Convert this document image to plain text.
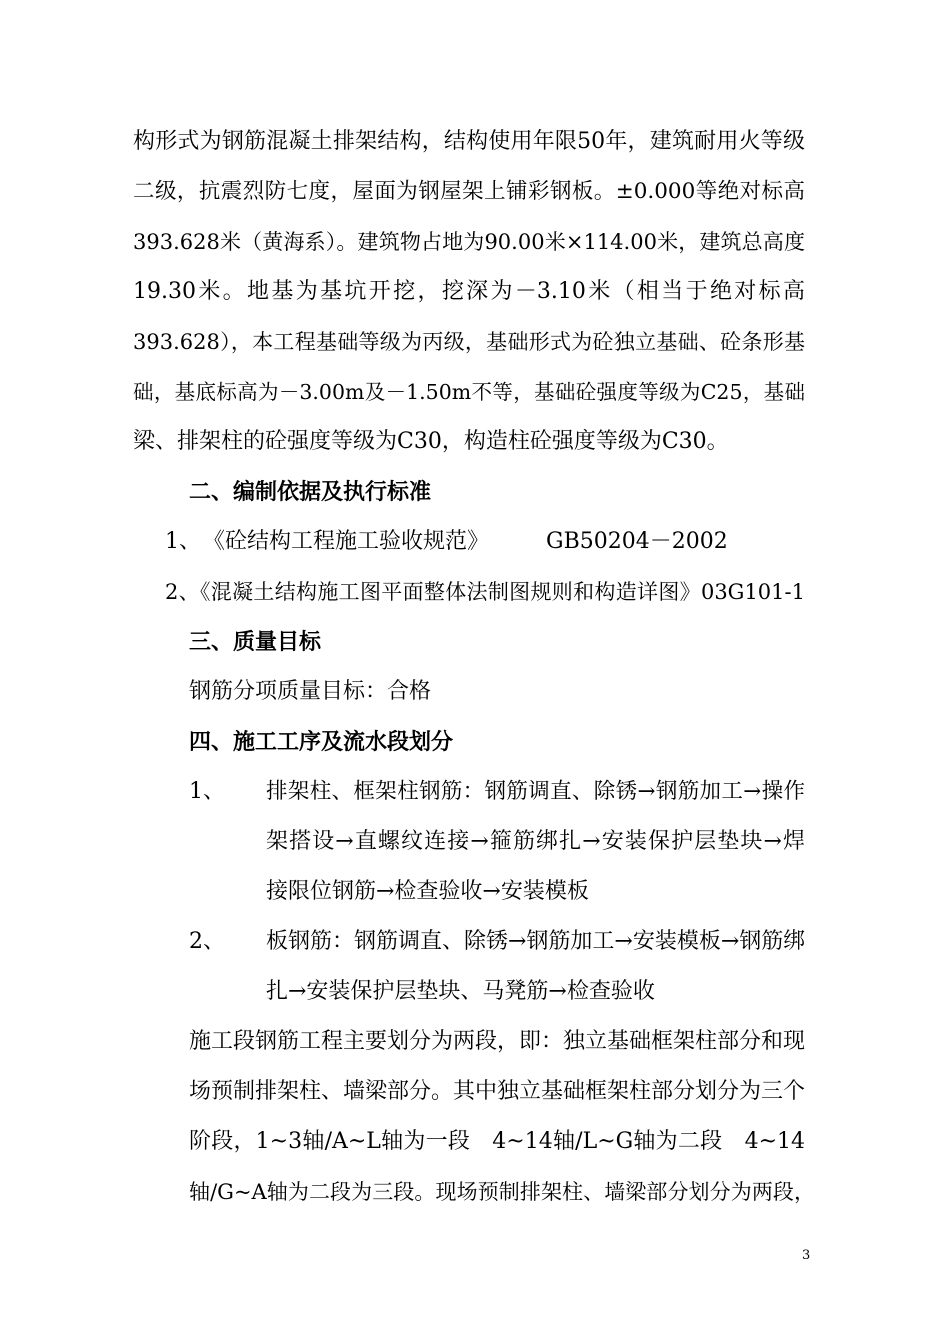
构形式为钢筋混凝土排架结构，结构使用年限50年，建筑耐用火等级
二级，抗震烈防七度，屋面为钢屋架上铺彩钢板。±0.000等绝对标高
393.628米（黄海系）。建筑物占地为90.00米×114.00米，建筑总高度
19.30米。地基为基坑开挖，挖深为－3.10米（相当于绝对标高
393.628），本工程基础等级为丙级，基础形式为砼独立基础、砼条形基
础，基底标高为－3.00m及－1.50m不等，基础砼强度等级为C25，基础
梁、排架柱的砼强度等级为C30，构造柱砼强度等级为C30。
二、编制依据及执行标准
1、 《砼结构工程施工验收规范》	GB50204－2002
2、《混凝土结构施工图平面整体法制图规则和构造详图》03G101-1
三、质量目标
钢筋分项质量目标：合格
四、施工工序及流水段划分
1、 排架柱、框架柱钢筋：钢筋调直、除锈→钢筋加工→操作
架搭设→直螺纹连接→箍筋绑扎→安装保护层垫块→焊
接限位钢筋→检查验收→安装模板
2、 板钢筋：钢筋调直、除锈→钢筋加工→安装模板→钢筋绑
扎→安装保护层垫块、马凳筋→检查验收
施工段钢筋工程主要划分为两段，即：独立基础框架柱部分和现
场预制排架柱、墙梁部分。其中独立基础框架柱部分划分为三个
阶段，1~3轴/A~L轴为一段　4~14轴/L~G轴为二段　4~14
轴/G~A轴为二段为三段。现场预制排架柱、墙梁部分划分为两段，
3
